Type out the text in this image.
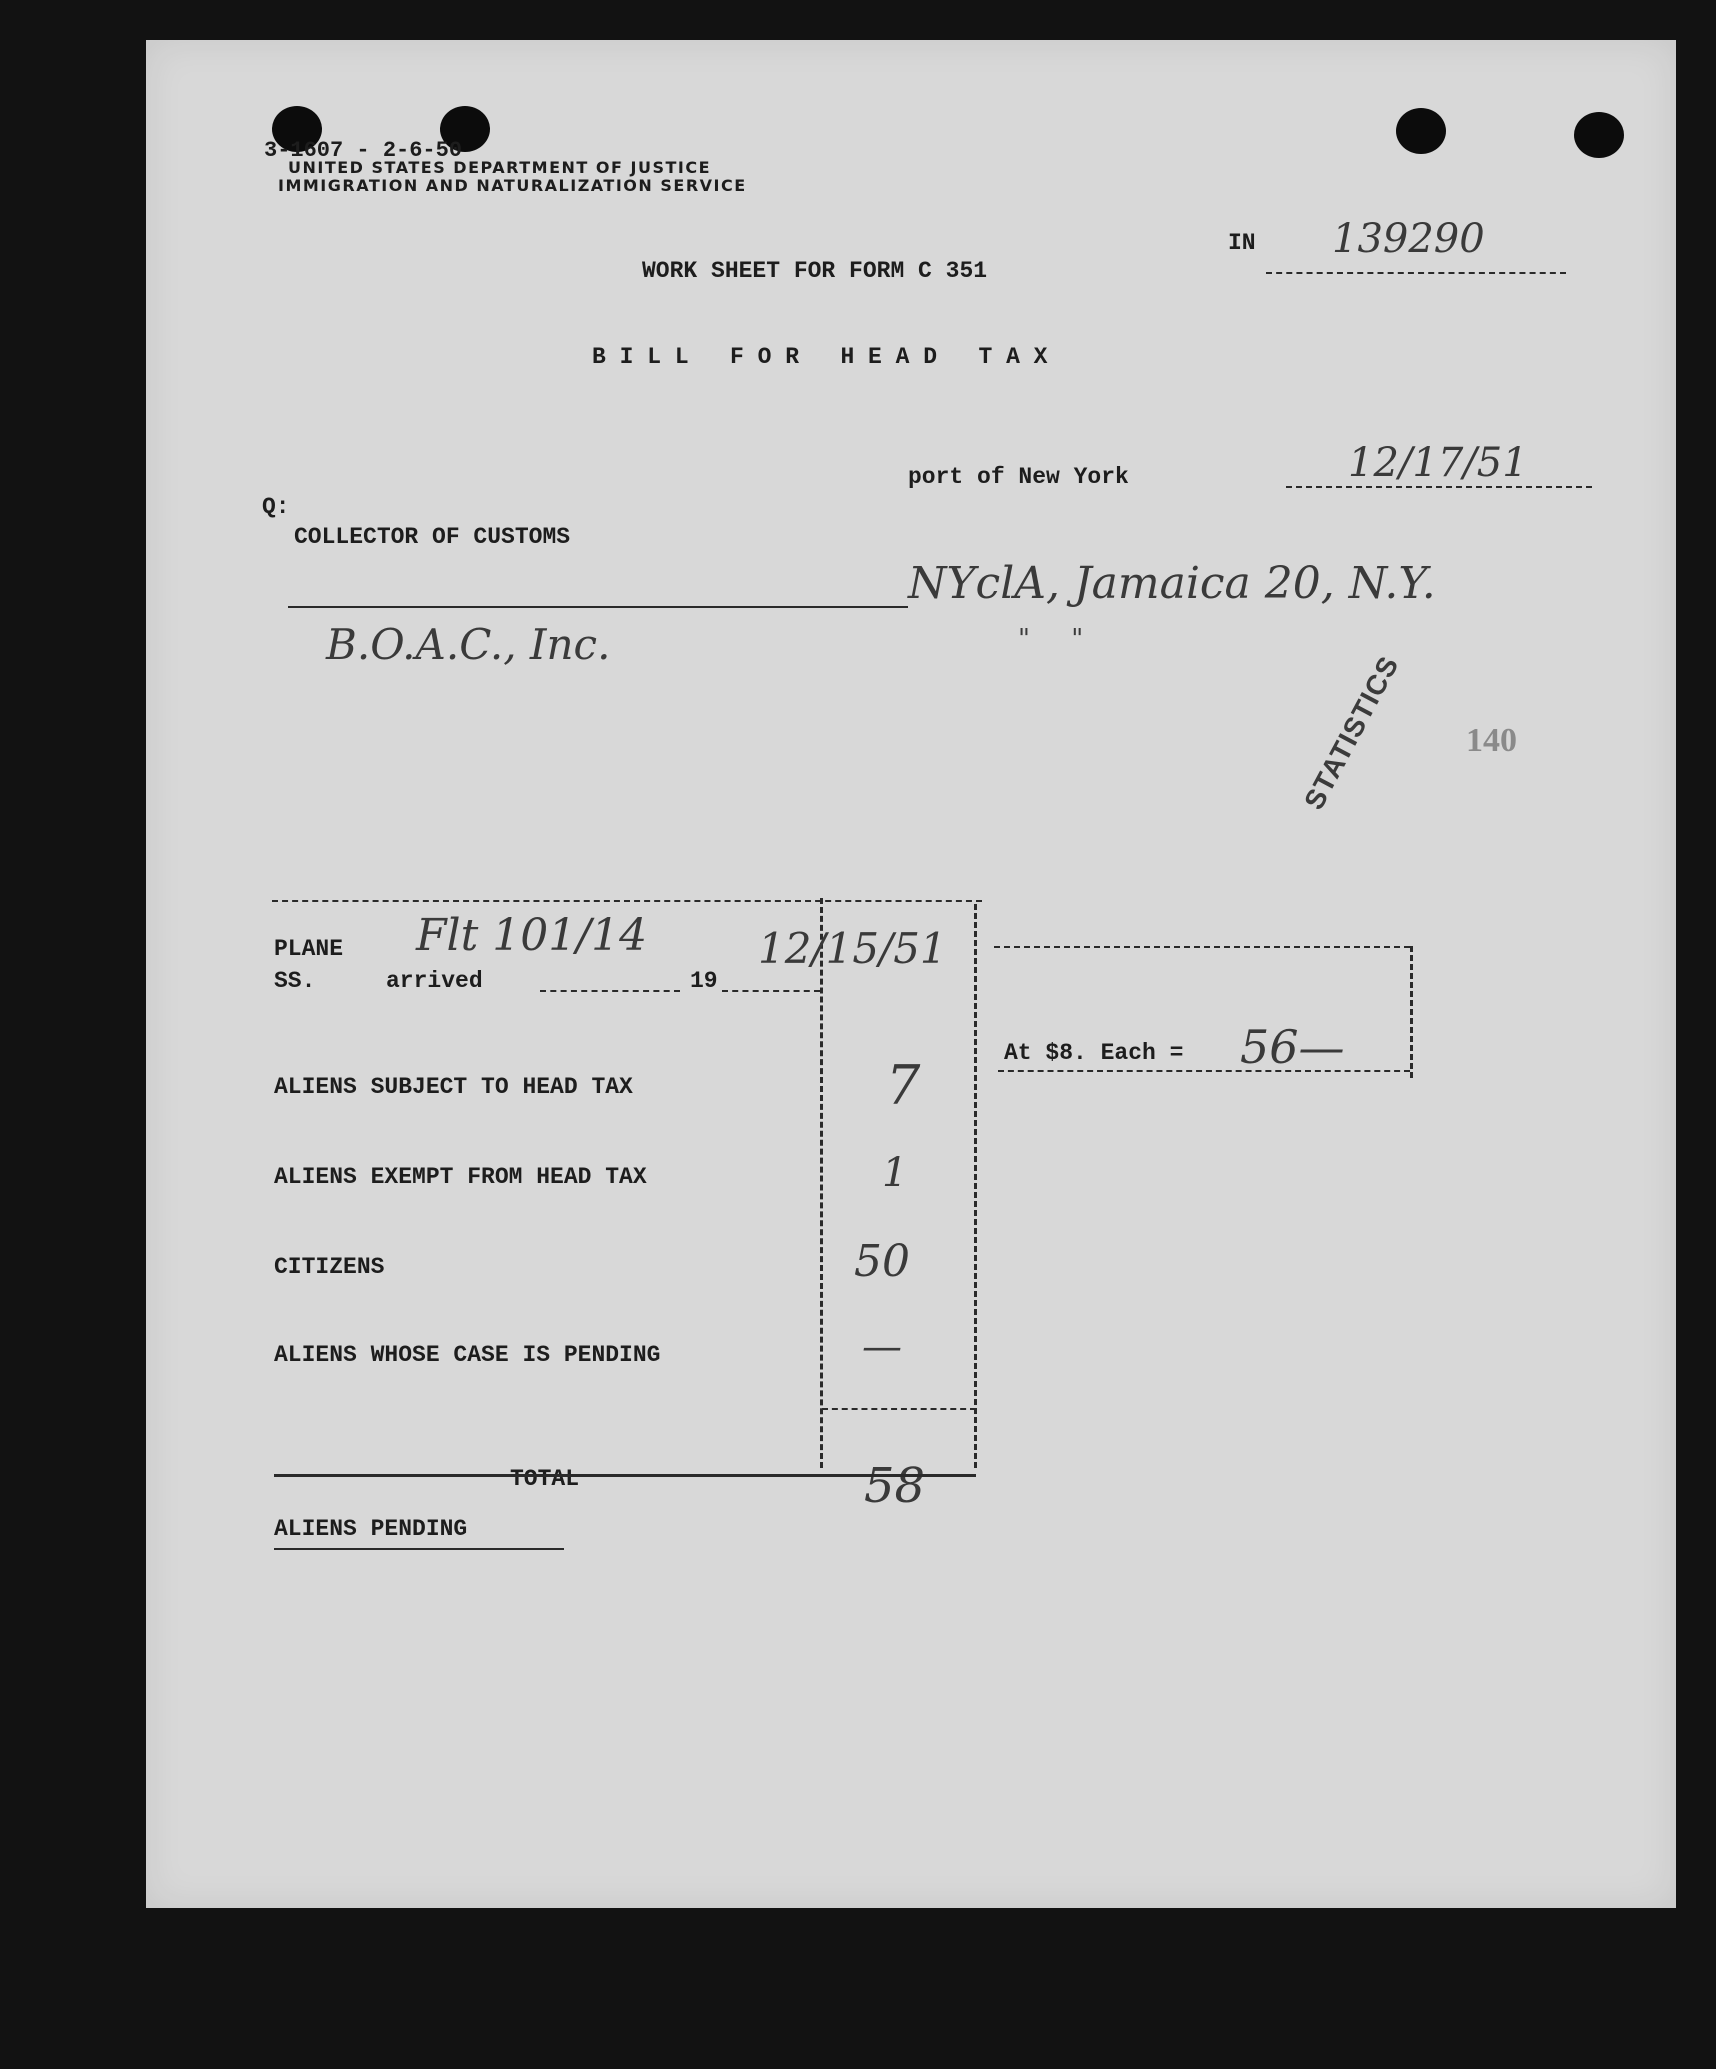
3-1607 - 2-6-50
UNITED STATES DEPARTMENT OF JUSTICE
IMMIGRATION AND NATURALIZATION SERVICE
IN 139290
WORK SHEET FOR FORM C 351
B I L L   F O R   H E A D   T A X
port of New York	12/17/51
Q:
COLLECTOR OF CUSTOMS
NYclA, Jamaica 20, N.Y.
"     "
B.O.A.C., Inc.
STATISTICS 140
PLANE Flt 101/14
SS.	arrived	19
12/15/51
ALIENS SUBJECT TO HEAD TAX	7
ALIENS EXEMPT FROM HEAD TAX	1
CITIZENS	50
ALIENS WHOSE CASE IS PENDING	—
TOTAL	58
At $8. Each = 56—
ALIENS PENDING
